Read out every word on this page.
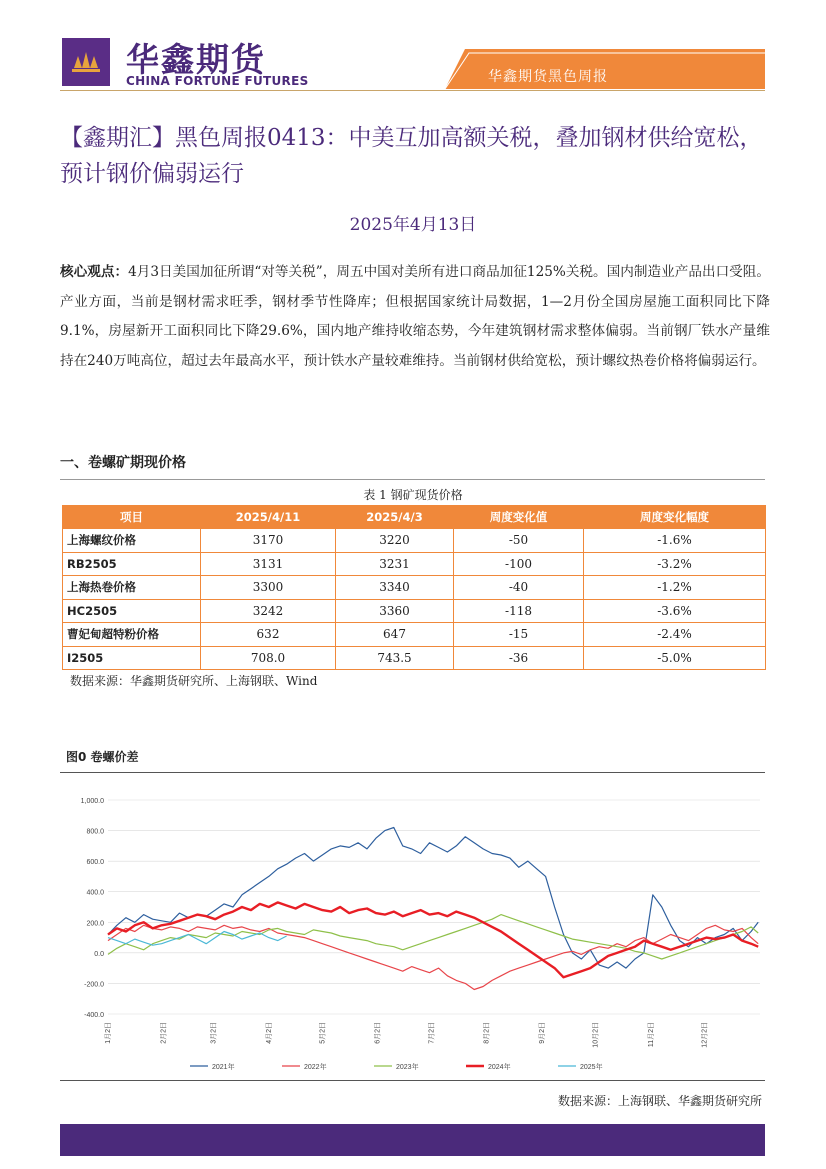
华鑫期货
CHINA FORTUNE FUTURES	华鑫期货黑色周报
【鑫期汇】黑色周报0413：中美互加高额关税，叠加钢材供给宽松，预计钢价偏弱运行
2025年4月13日
核心观点：4月3日美国加征所谓“对等关税”，周五中国对美所有进口商品加征125%关税。国内制造业产品出口受阻。产业方面，当前是钢材需求旺季，钢材季节性降库；但根据国家统计局数据，1—2月份全国房屋施工面积同比下降9.1%，房屋新开工面积同比下降29.6%，国内地产维持收缩态势，今年建筑钢材需求整体偏弱。当前钢厂铁水产量维持在240万吨高位，超过去年最高水平，预计铁水产量较难维持。当前钢材供给宽松，预计螺纹热卷价格将偏弱运行。
一、卷螺矿期现价格
表 1 钢矿现货价格
项目	2025/4/11	2025/4/3	周度变化值	周度变化幅度
上海螺纹价格	3170	3220	-50	-1.6%
RB2505	3131	3231	-100	-3.2%
上海热卷价格	3300	3340	-40	-1.2%
HC2505	3242	3360	-118	-3.6%
曹妃甸超特粉价格	632	647	-15	-2.4%
I2505	708.0	743.5	-36	-5.0%
数据来源：华鑫期货研究所、上海钢联、Wind
图0 卷螺价差
1,000.0
800.0
600.0
400.0
200.0
0.0
-200.0
-400.0
1月2日	2月2日	3月2日	4月2日	5月2日	6月2日	7月2日	8月2日	9月2日	10月2日	11月2日	12月2日
2021年	2022年	2023年	2024年	2025年
数据来源：上海钢联、华鑫期货研究所
